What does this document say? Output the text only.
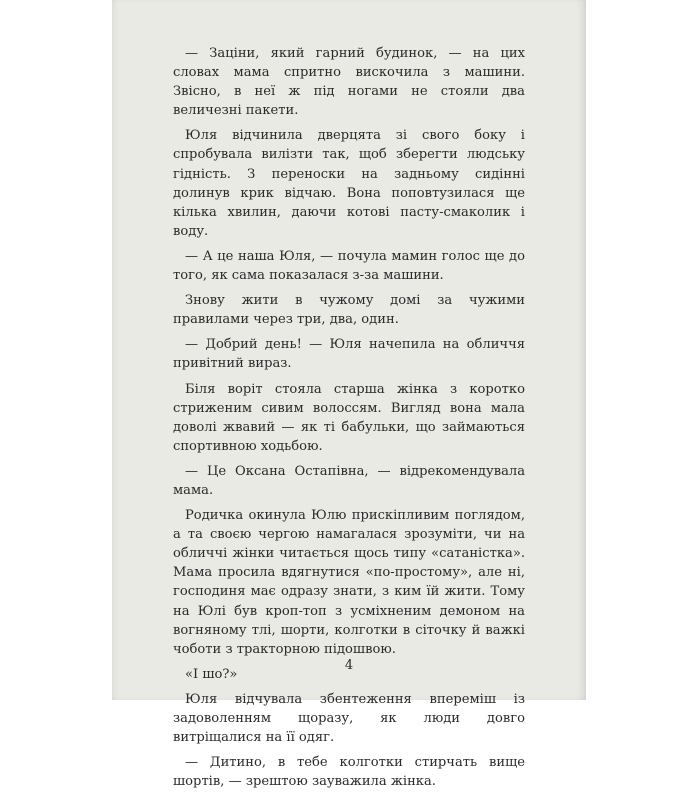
— Заціни, який гарний будинок, — на цих словах мама спритно вискочила з машини. Звісно, в неї ж під ногами не стояли два величезні пакети.

Юля відчинила дверцята зі свого боку і спробувала вилізти так, щоб зберегти людську гідність. З переноски на задньому сидінні долинув крик відчаю. Вона поповтузилася ще кілька хвилин, даючи котові пасту-смаколик і воду.

— А це наша Юля, — почула мамин голос ще до того, як сама показалася з-за машини.

Знову жити в чужому домі за чужими правилами через три, два, один.

— Добрий день! — Юля начепила на обличчя привітний вираз.

Біля воріт стояла старша жінка з коротко стриженим сивим волоссям. Вигляд вона мала доволі жвавий — як ті бабульки, що займаються спортивною ходьбою.

— Це Оксана Остапівна, — відрекомендувала мама.

Родичка окинула Юлю прискіпливим поглядом, а та своєю чергою намагалася зрозуміти, чи на обличчі жінки читається щось типу «сатаністка». Мама просила вдягнутися «по-простому», але ні, господиня має одразу знати, з ким їй жити. Тому на Юлі був кроп-топ з усміхненим демоном на вогняному тлі, шорти, колготки в сіточку й важкі чоботи з тракторною підошвою.

«І шо?»

Юля відчувала збентеження впереміш із задоволенням щоразу, як люди довго витріщалися на її одяг.

— Дитино, в тебе колготки стирчать вище шортів, — зрештою зауважила жінка.

4
